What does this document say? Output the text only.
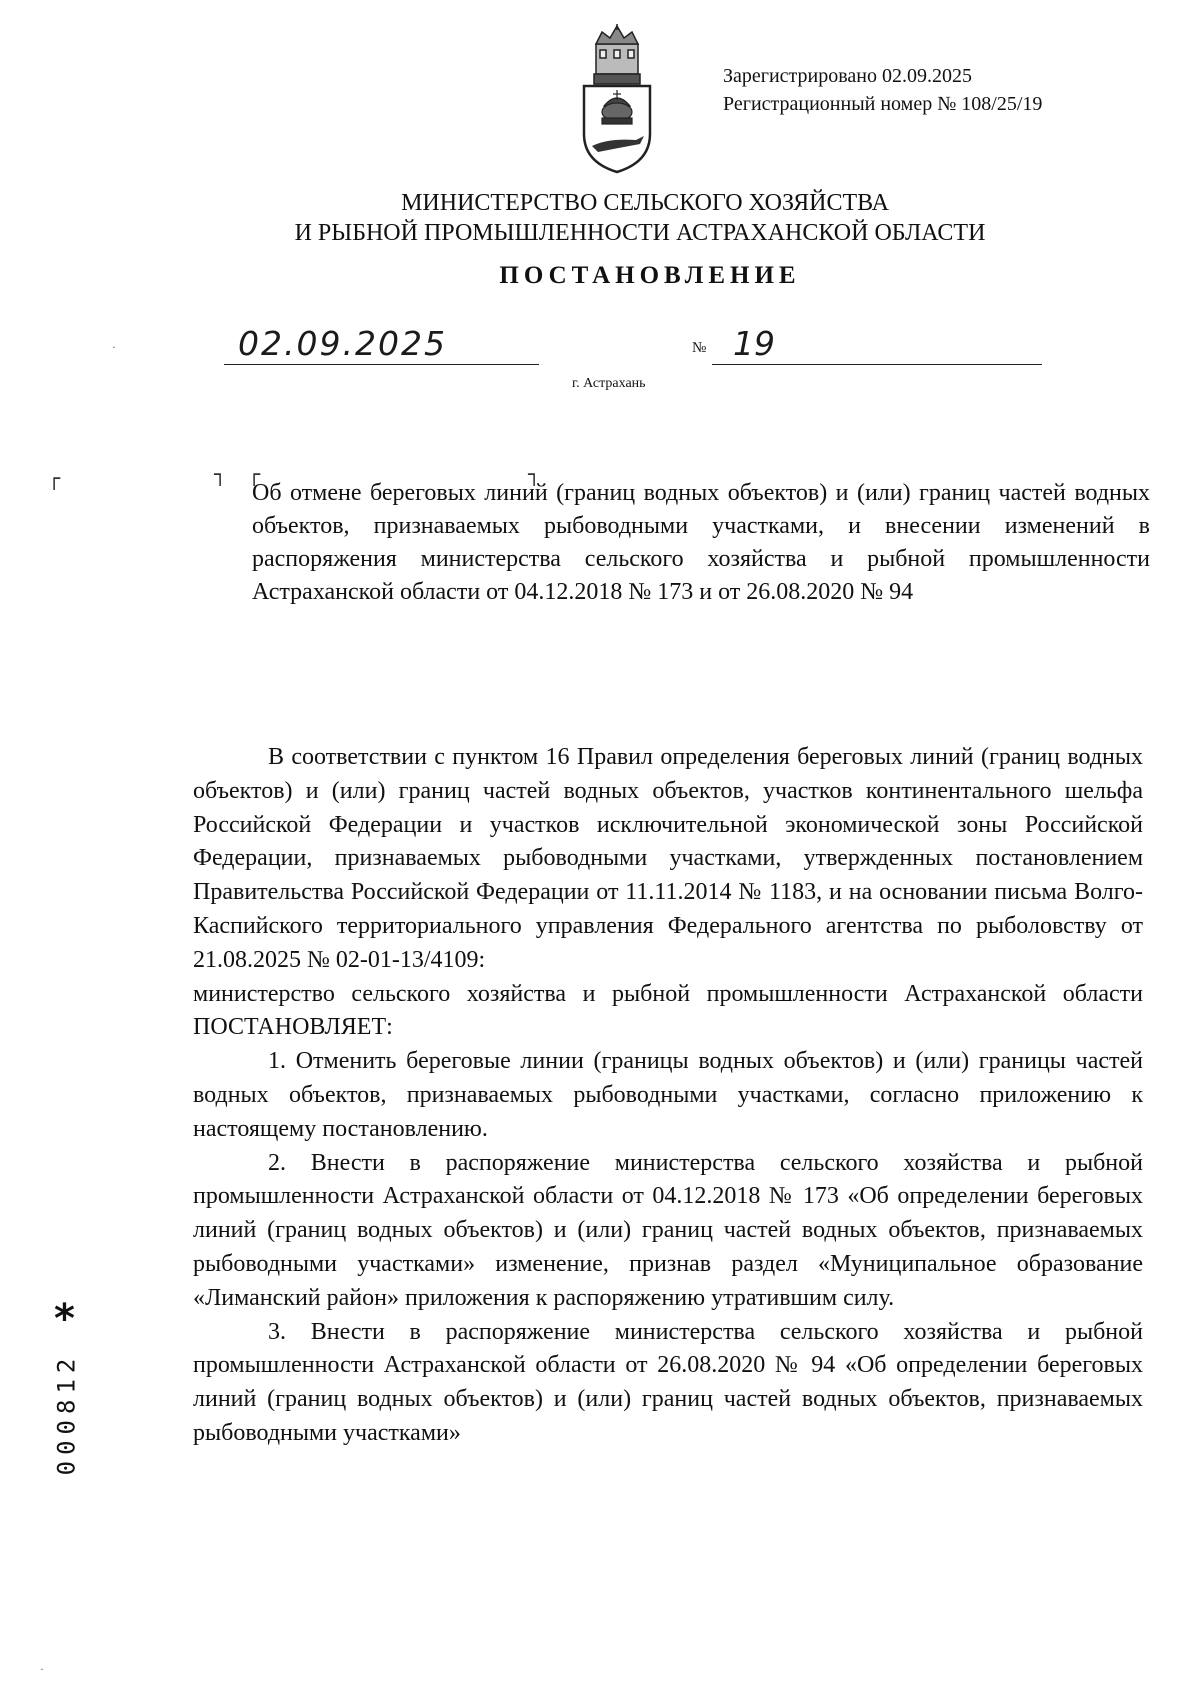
Зарегистрировано 02.09.2025
Регистрационный номер № 108/25/19
МИНИСТЕРСТВО СЕЛЬСКОГО ХОЗЯЙСТВА
И РЫБНОЙ ПРОМЫШЛЕННОСТИ АСТРАХАНСКОЙ ОБЛАСТИ
ПОСТАНОВЛЕНИЕ
·	02.09.2025	№ 19
г. Астрахань
┌	┐ ┌	┐
Об отмене береговых линий (границ водных объектов) и (или) границ частей водных объектов, признаваемых рыбоводными участками, и внесении изменений в распоряжения министерства сельского хозяйства и рыбной промышленности Астраханской области от 04.12.2018 № 173 и от 26.08.2020 № 94

В соответствии с пунктом 16 Правил определения береговых линий (границ водных объектов) и (или) границ частей водных объектов, участков континентального шельфа Российской Федерации и участков исключительной экономической зоны Российской Федерации, признаваемых рыбоводными участками, утвержденных постановлением Правительства Российской Федерации от 11.11.2014 № 1183, и на основании письма Волго-Каспийского территориального управления Федерального агентства по рыболовству от 21.08.2025 № 02-01-13/4109:

министерство сельского хозяйства и рыбной промышленности Астраханской области ПОСТАНОВЛЯЕТ:

1. Отменить береговые линии (границы водных объектов) и (или) границы частей водных объектов, признаваемых рыбоводными участками, согласно приложению к настоящему постановлению.

2. Внести в распоряжение министерства сельского хозяйства и рыбной промышленности Астраханской области от 04.12.2018 № 173 «Об определении береговых линий (границ водных объектов) и (или) границ частей водных объектов, признаваемых рыбоводными участками» изменение, признав раздел «Муниципальное образование «Лиманский район» приложения к распоряжению утратившим силу.

3. Внести в распоряжение министерства сельского хозяйства и рыбной промышленности Астраханской области от 26.08.2020 № 94 «Об определении береговых линий (границ водных объектов) и (или) границ частей водных объектов, признаваемых рыбоводными участками»

*
000812
·
